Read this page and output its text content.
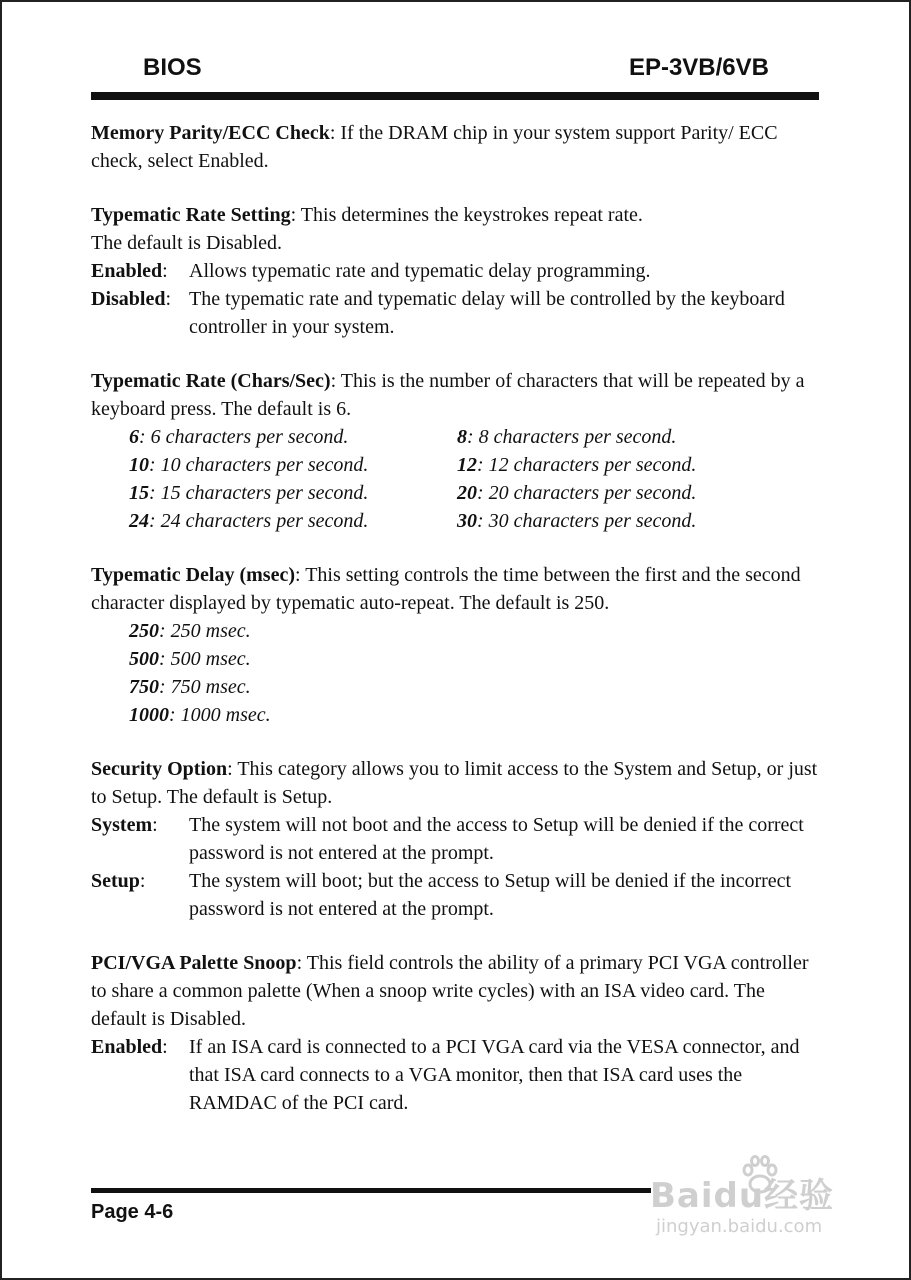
BIOS	EP-3VB/6VB

Memory Parity/ECC Check: If the DRAM chip in your system support Parity/ ECC check, select Enabled.

Typematic Rate Setting: This determines the keystrokes repeat rate.

The default is Disabled.

Enabled:	Allows typematic rate and typematic delay programming.
Disabled: The typematic rate and typematic delay will be controlled by the keyboard controller in your system.

Typematic Rate (Chars/Sec): This is the number of characters that will be repeated by a keyboard press. The default is 6.

6: 6 characters per second.	8: 8 characters per second.
10: 10 characters per second.	12: 12 characters per second.
15: 15 characters per second.	20: 20 characters per second.
24: 24 characters per second.	30: 30 characters per second.

Typematic Delay (msec): This setting controls the time between the first and the second character displayed by typematic auto-repeat. The default is 250.

250: 250 msec.
500: 500 msec.
750: 750 msec.
1000: 1000 msec.

Security Option: This category allows you to limit access to the System and Setup, or just to Setup. The default is Setup.

System:	The system will not boot and the access to Setup will be denied if the correct password is not entered at the prompt.
Setup:	The system will boot; but the access to Setup will be denied if the incorrect password is not entered at the prompt.

PCI/VGA Palette Snoop: This field controls the ability of a primary PCI VGA controller to share a common palette (When a snoop write cycles) with an ISA video card. The default is Disabled.

Enabled:	If an ISA card is connected to a PCI VGA card via the VESA connector, and that ISA card connects to a VGA monitor, then that ISA card uses the RAMDAC of the PCI card.
Page 4-6	Baidu经验
jingyan.baidu.com
